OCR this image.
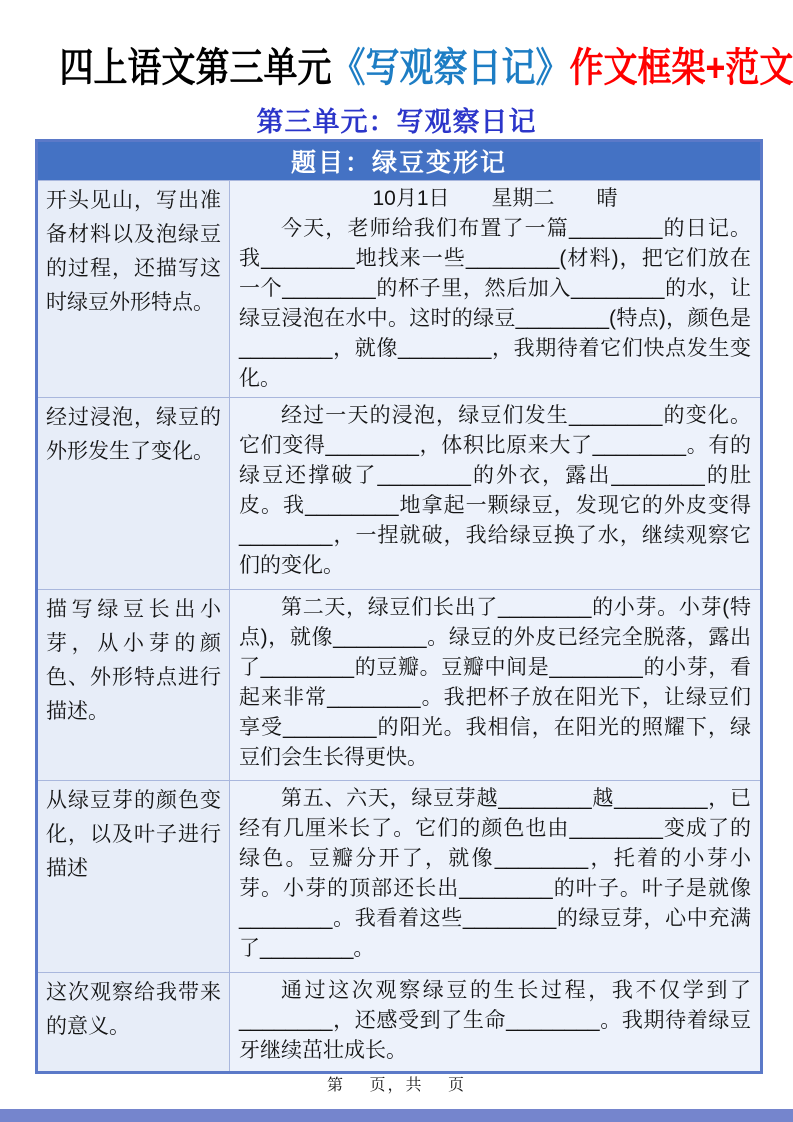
四上语文第三单元《写观察日记》作文框架+范文
第三单元：写观察日记
题目：绿豆变形记	
开头见山，写出准备材料以及泡绿豆的过程，还描写这时绿豆外形特点。	10月1日　　星期二　　晴
今天，老师给我们布置了一篇________的日记。我________地找来一些________(材料)，把它们放在一个________的杯子里，然后加入________的水，让绿豆浸泡在水中。这时的绿豆________(特点)，颜色是________，就像________，我期待着它们快点发生变化。

经过浸泡，绿豆的外形发生了变化。	经过一天的浸泡，绿豆们发生________的变化。它们变得________，体积比原来大了________。有的绿豆还撑破了________的外衣，露出________的肚皮。我________地拿起一颗绿豆，发现它的外皮变得________，一捏就破，我给绿豆换了水，继续观察它们的变化。

描写绿豆长出小芽，从小芽的颜色、外形特点进行描述。	第二天，绿豆们长出了________的小芽。小芽(特点)，就像________。绿豆的外皮已经完全脱落，露出了________的豆瓣。豆瓣中间是________的小芽，看起来非常________。我把杯子放在阳光下，让绿豆们享受________的阳光。我相信，在阳光的照耀下，绿豆们会生长得更快。

从绿豆芽的颜色变化，以及叶子进行描述	第五、六天，绿豆芽越________越________，已经有几厘米长了。它们的颜色也由________变成了的绿色。豆瓣分开了，就像________，托着的小芽小芽。小芽的顶部还长出________的叶子。叶子是就像________。我看着这些________的绿豆芽，心中充满了________。

这次观察给我带来的意义。	通过这次观察绿豆的生长过程，我不仅学到了________，还感受到了生命________。我期待着绿豆牙继续茁壮成长。
第　 页，共　 页
